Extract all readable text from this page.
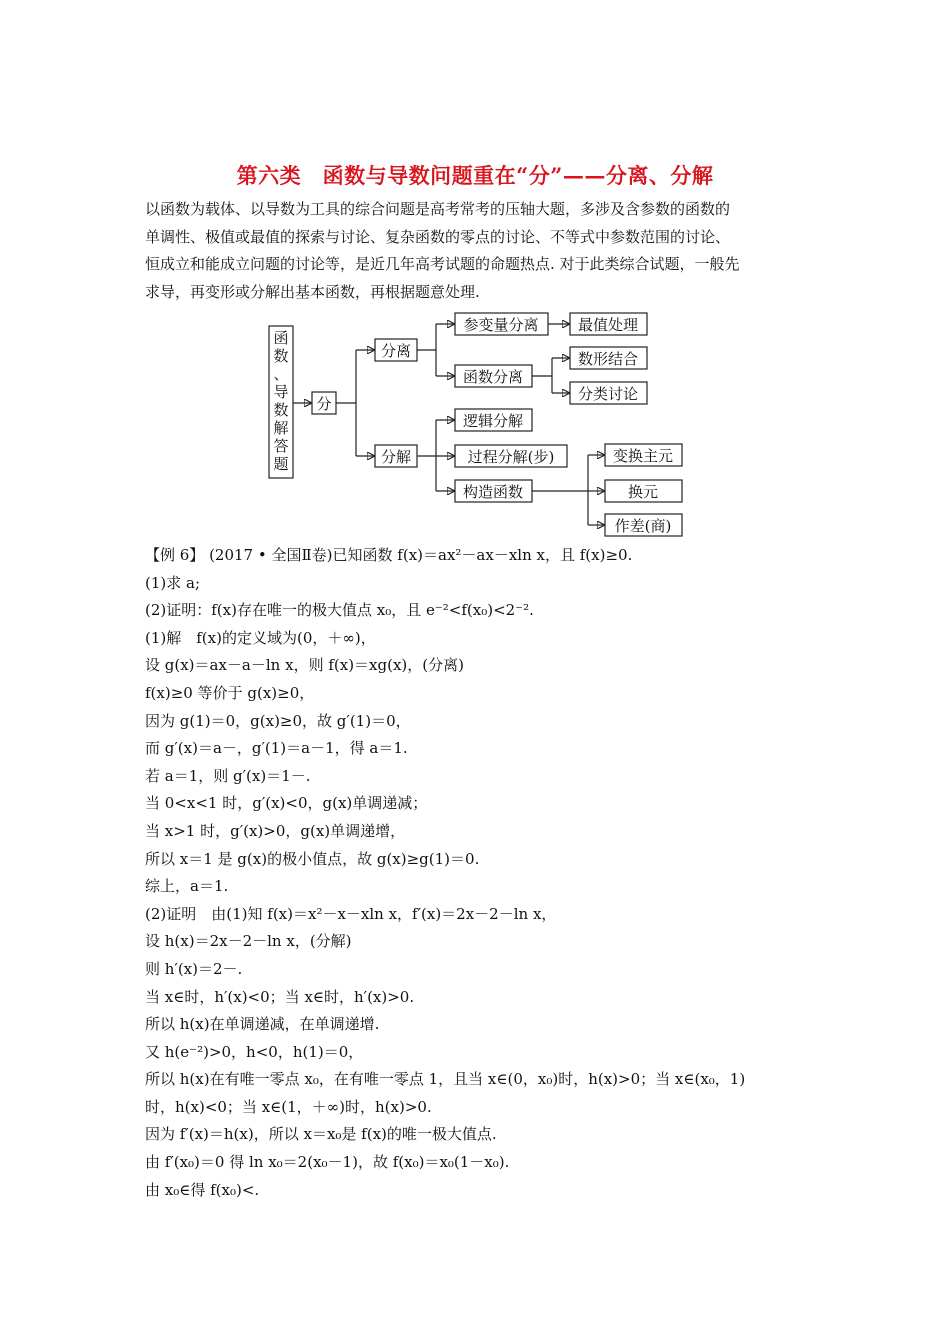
第六类　函数与导数问题重在“分”——分离、分解

以函数为载体、以导数为工具的综合问题是高考常考的压轴大题，多涉及含参数的函数的

单调性、极值或最值的探索与讨论、复杂函数的零点的讨论、不等式中参数范围的讨论、

恒成立和能成立问题的讨论等，是近几年高考试题的命题热点. 对于此类综合试题，一般先

求导，再变形或分解出基本函数，再根据题意处理.

函
数
、
导
数
解
答
题
分
分离
分解
参变量分离	最值处理
函数分离
数形结合
分类讨论
逻辑分解
过程分解(步)
构造函数
变换主元
换元
作差(商)
【例 6】 (2017 • 全国Ⅱ卷)已知函数 f(x)＝ax²－ax－xln x，且 f(x)≥0.
(1)求 a;
(2)证明：f(x)存在唯一的极大值点 x₀，且 e⁻²<f(x₀)<2⁻².
(1)解　f(x)的定义域为(0，＋∞)，
设 g(x)＝ax－a－ln x，则 f(x)＝xg(x)，(分离)
f(x)≥0 等价于 g(x)≥0，
因为 g(1)＝0，g(x)≥0，故 g′(1)＝0，
而 g′(x)＝a－，g′(1)＝a－1，得 a＝1.
若 a＝1，则 g′(x)＝1－.
当 0<x<1 时，g′(x)<0，g(x)单调递减；
当 x>1 时，g′(x)>0，g(x)单调递增，
所以 x＝1 是 g(x)的极小值点，故 g(x)≥g(1)＝0.
综上，a＝1.
(2)证明　由(1)知 f(x)＝x²－x－xln x，f′(x)＝2x－2－ln x，
设 h(x)＝2x－2－ln x，(分解)
则 h′(x)＝2－.
当 x∈时，h′(x)<0；当 x∈时，h′(x)>0.
所以 h(x)在单调递减，在单调递增.
又 h(e⁻²)>0，h<0，h(1)＝0，
所以 h(x)在有唯一零点 x₀，在有唯一零点 1，且当 x∈(0，x₀)时，h(x)>0；当 x∈(x₀，1)
时，h(x)<0；当 x∈(1，＋∞)时，h(x)>0.
因为 f′(x)＝h(x)，所以 x＝x₀是 f(x)的唯一极大值点.
由 f′(x₀)＝0 得 ln x₀＝2(x₀－1)，故 f(x₀)＝x₀(1－x₀).
由 x₀∈得 f(x₀)<.
